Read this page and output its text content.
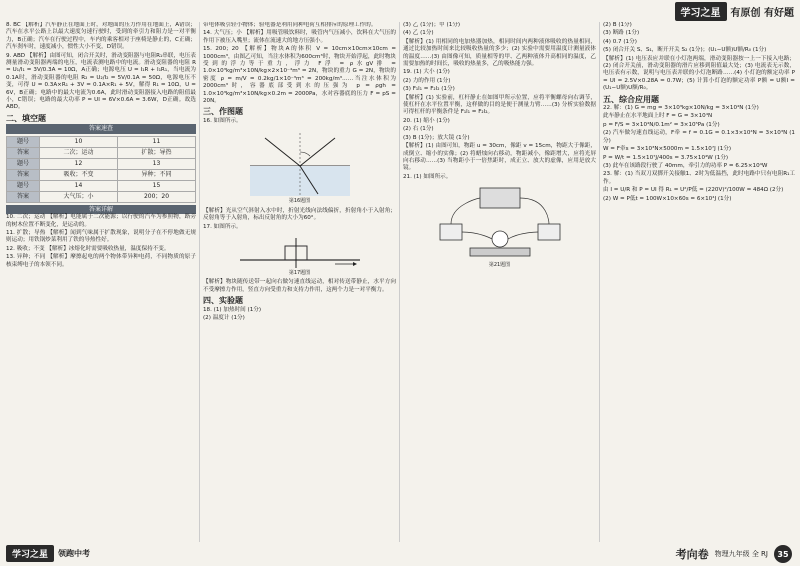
学习之星	有原创 有好题

8. BC 【解析】汽车静止在地面上时，对地面的压力作用在地面上，A错误；汽车在水平公路上以最大速度匀速行驶时，受到的牵引力和阻力是一对平衡力，B正确；汽车在行驶过程中，车内的乘客相对于座椅是静止的，C正确；汽车刹车时，速度减小，惯性大小不变，D错误。

9. ABD 【解析】由图可知，闭合开关时，滑动变阻器与电阻R₁串联，电压表测量滑动变阻器两端的电压，电流表测电路中的电流。滑动变阻器的电阻 R = U₁/I₁ = 3V/0.3A = 10Ω，A正确；电源电压 U = I₁R + I₁R₁，当电流为0.1A时，滑动变阻器的电阻 R₂ = U₂/I₂ = 5V/0.1A = 50Ω，电源电压不变，可得 U = 0.3A×R₁ + 3V = 0.1A×R₁ + 5V，解得 R₁ = 10Ω，U = 6V，B正确；电路中的最大电流为0.6A，此时滑动变阻器接入电路的阻值最小，C错误；电路的最大功率 P = UI = 6V×0.6A = 3.6W，D正确。故选ABD。

二、填空题
答案速查
题号	10	11
答案	二次；运动	扩散；导热
题号	12	13
答案	吸收；不变	异种；不同
题号	14	15
答案	大气压；小	200；20
答案详解

10. 二次；运动 【解析】电能属于二次能源；以行驶的汽车为参照物，路旁的树木位置不断变化，是运动的。

11. 扩散；导热 【解析】闻到气味属于扩散现象，说明分子在不停地做无规则运动；用铁锅炒菜利用了铁的导热性好。

12. 吸收；不变 【解析】冰熔化时需要吸收热量，温度保持不变。

13. 异种；不同 【解析】摩擦起电的两个物体带异种电荷，不同物质的原子核束缚电子的本领不同。

带电体吸引轻小物体；验电器是利用同种电荷互相排斥的原理工作的。

14. 大气压；小 【解析】用吸管吸饮料时，吸管内气压减小，饮料在大气压的作用下被压入嘴里；流体在流速大的地方压强小。

15. 200；20 【解析】物块A的体积 V = 10cm×10cm×10cm = 1000cm³，由图乙可知，当注水体积为600cm³时，物块开始浮起，此时物块受到的浮力等于重力，浮力 F浮 = ρ水gV排 = 1.0×10³kg/m³×10N/kg×2×10⁻⁴m³ = 2N，物块的重力 G = 2N，物块的密度 ρ = m/V = 0.2kg/1×10⁻³m³ = 200kg/m³……当注水体积为2000cm³时，容器底部受到水的压强为 p = ρgh = 1.0×10³kg/m³×10N/kg×0.2m = 2000Pa，水对容器底的压力 F = pS = 20N。

三、作图题

16. 如图所示。

第16题图

【解析】光从空气斜射入水中时，折射光线向法线偏折，折射角小于入射角；反射角等于入射角，标出反射角的大小为60°。

17. 如图所示。

第17题图

【解析】物块随传送带一起向右做匀速直线运动，相对传送带静止，水平方向不受摩擦力作用，竖直方向受重力和支持力作用，这两个力是一对平衡力。

四、实验题

18. (1) 加热时间 (1分)

(2) 温度计 (1分)

(3) 乙 (1分)；甲 (1分)

(4) 乙 (1分)

【解析】(1) 用相同的电加热器加热，相同时间内两种液体吸收的热量相同，通过比较加热时间来比较吸收热量的多少；(2) 实验中需要用温度计测量液体的温度……(3) 由图像可知，质量相等的甲、乙两种液体升高相同的温度，乙需要加热的时间长，吸收的热量多，乙的吸热能力强。

19. (1) 大小 (1分)

(2) 力的作用 (1分)

(3) F₁l₁ = F₂l₂ (1分)

【解析】(1) 实验前，杠杆静止在如图甲所示位置，应将平衡螺母向右调节，使杠杆在水平位置平衡，这样做的目的是便于测量力臂……(3) 分析实验数据可得杠杆的平衡条件是 F₁l₁ = F₂l₂。

20. (1) 缩小 (1分)

(2) 右 (1分)

(3) B (1分)；放大镜 (1分)

【解析】(1) 由图可知，物距 u = 30cm，像距 v = 15cm，物距大于像距，成倒立、缩小的实像；(2) 将蜡烛向右移动，物距减小，像距增大，应将光屏向右移动……(3) 当物距小于一倍焦距时，成正立、放大的虚像，应用是放大镜。

21. (1) 如图所示。

第21题图

(2) B (1分)

(3) 断路 (1分)

(4) 0.7 (1分)

(5) 闭合开关 S、S₁，断开开关 S₂ (1分)；(U₁−U额)U额/R₀ (1分)

【解析】(1) 电压表应并联在小灯泡两端，滑动变阻器按一上一下接入电路；(2) 闭合开关前，滑动变阻器的滑片应移到阻值最大处；(3) 电流表无示数，电压表有示数，说明与电压表并联的小灯泡断路……(4) 小灯泡的额定功率 P = UI = 2.5V×0.28A = 0.7W；(5) 计算小灯泡的额定功率 P额 = U额I = (U₁−U额)U额/R₀。

五、综合应用题

22. 解：(1) G = mg = 3×10³kg×10N/kg = 3×10⁴N (1分)

此车静止在水平地面上时 F = G = 3×10⁴N

p = F/S = 3×10⁴N/0.1m² = 3×10⁵Pa (1分)

(2) 汽车做匀速直线运动，F牵 = f = 0.1G = 0.1×3×10⁴N = 3×10³N (1分)

W = F牵s = 3×10³N×5000m = 1.5×10⁷J (1分)

P = W/t = 1.5×10⁷J/400s = 3.75×10⁴W (1分)

(3) 此车在该路段行驶了 40mm，牵引力的功率 P = 6.25×10⁴W

23. 解：(1) 当双刀双掷开关接触1、2时为低温挡，此时电路中只有电阻R₁工作。

由 I = U/R 和 P = UI 得 R₁ = U²/P低 = (220V)²/100W = 484Ω (2分)

(2) W = P低t = 100W×10×60s = 6×10⁴J (1分)

学习之星	领跑中考	考向卷 物理九年级 全 RJ	35
